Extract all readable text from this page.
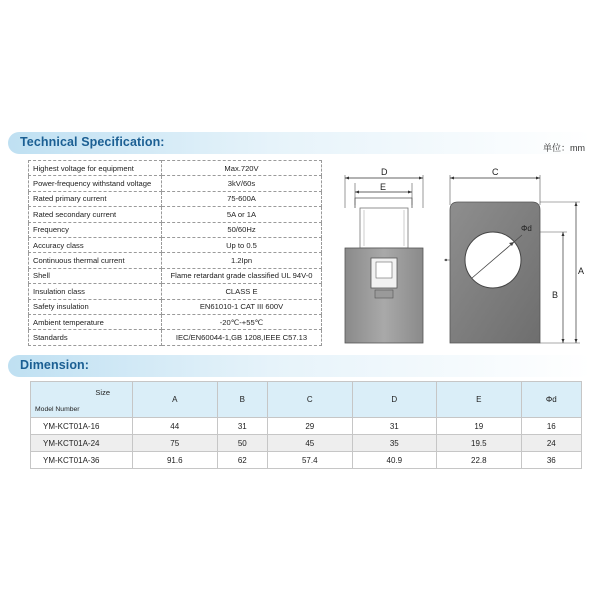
Technical Specification:	单位：mm
Highest voltage for equipment	Max.720V
Power-frequency withstand voltage	3kV/60s
Rated primary current	75-600A
Rated secondary current	5A or 1A
Frequency	50/60Hz
Accuracy class	Up to 0.5
Continuous thermal current	1.2Ipn
Shell	Flame retardant grade classified UL 94V-0
Insulation class	CLASS E
Safety insulation	EN61010-1 CAT III 600V
Ambient temperature	-20℃-+55℃
Standards	IEC/EN60044-1,GB 1208,IEEE C57.13
D
E
C
Φd
A
B
Dimension:
Size
Model Number	A	B	C	D	E	Φd
YM-KCT01A-16	44	31	29	31	19	16
YM-KCT01A-24	75	50	45	35	19.5	24
YM-KCT01A-36	91.6	62	57.4	40.9	22.8	36
